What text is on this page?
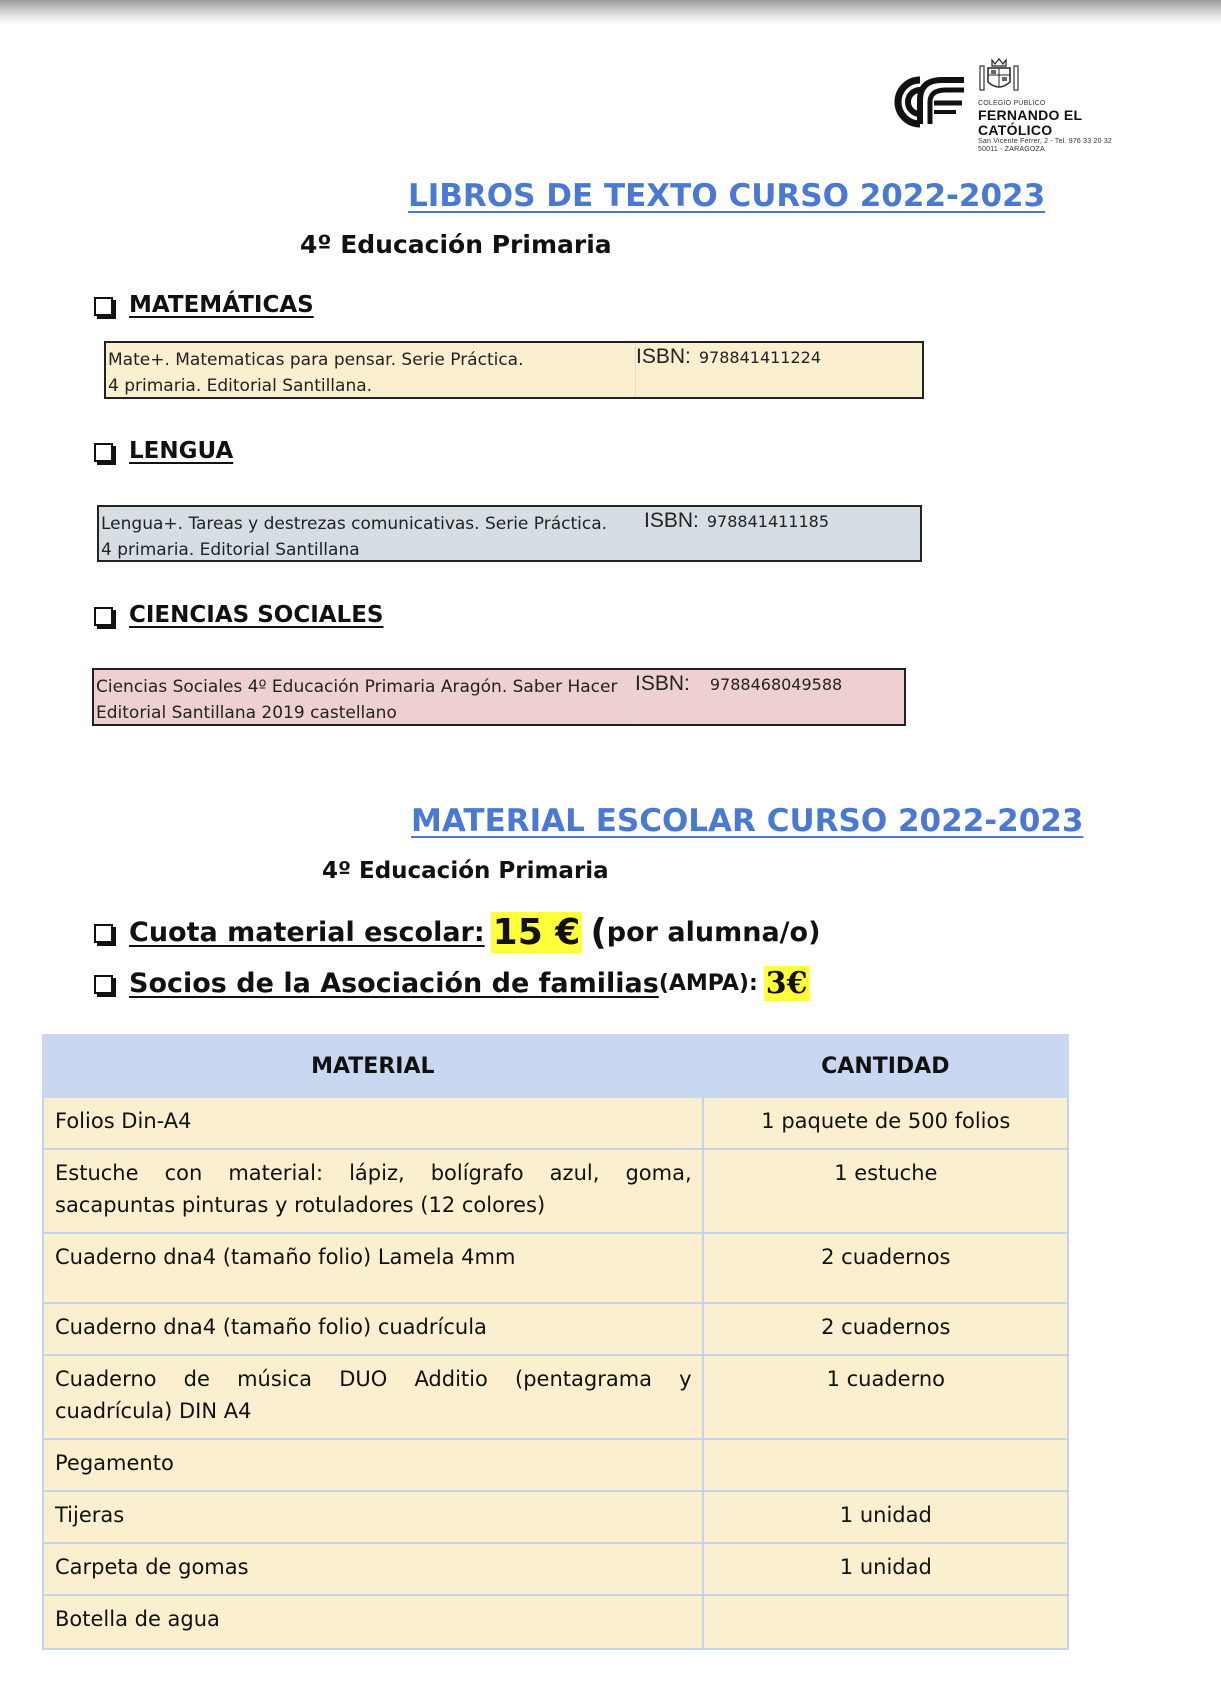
COLEGIO PÚBLICO
FERNANDO EL CATÓLICO
San Vicente Ferrer, 2 - Tel. 976 33 20 32
50011 - ZARAGOZA
LIBROS DE TEXTO CURSO 2022-2023
4º Educación Primaria
MATEMÁTICAS
Mate+. Matematicas para pensar. Serie Práctica.
4 primaria. Editorial Santillana.
ISBN: 978841411224
LENGUA
Lengua+. Tareas y destrezas comunicativas. Serie Práctica.
4 primaria. Editorial Santillana
ISBN: 978841411185
CIENCIAS SOCIALES
Ciencias Sociales 4º Educación Primaria Aragón. Saber Hacer
Editorial Santillana 2019 castellano
ISBN: 9788468049588
MATERIAL ESCOLAR CURSO 2022-2023
4º Educación Primaria
Cuota material escolar: 15 € ( por alumna/o)
Socios de la Asociación de familias (AMPA): 3€
MATERIAL	CANTIDAD
Folios Din-A4	1 paquete de 500 folios
Estuche con material: lápiz, bolígrafo azul, goma, sacapuntas pinturas y rotuladores (12 colores)	1 estuche
Cuaderno dna4 (tamaño folio) Lamela 4mm	2 cuadernos
Cuaderno dna4 (tamaño folio) cuadrícula	2 cuadernos
Cuaderno de música DUO Additio (pentagrama y cuadrícula) DIN A4	1 cuaderno
Pegamento	
Tijeras	1 unidad
Carpeta de gomas	1 unidad
Botella de agua	
